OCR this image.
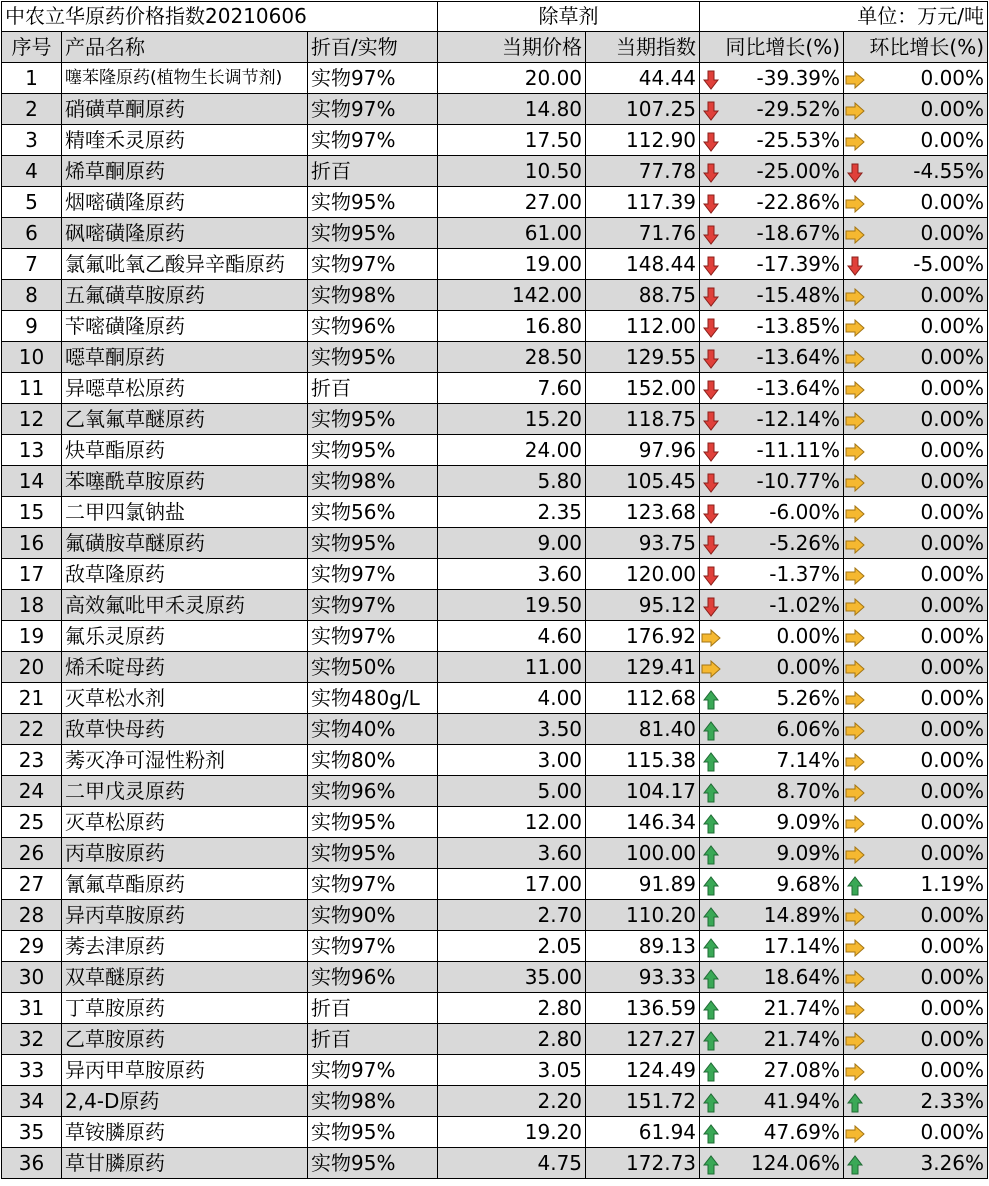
中农立华原药价格指数20210606			除草剂		单位：万元/吨			
序号	产品名称	折百/实物	当期价格	当期指数	同比增长(%)		环比增长(%)	
1	噻苯隆原药(植物生长调节剂)	实物97%	20.00	44.44		-39.39%		0.00%
2	硝磺草酮原药	实物97%	14.80	107.25		-29.52%		0.00%
3	精喹禾灵原药	实物97%	17.50	112.90		-25.53%		0.00%
4	烯草酮原药	折百	10.50	77.78		-25.00%		-4.55%
5	烟嘧磺隆原药	实物95%	27.00	117.39		-22.86%		0.00%
6	砜嘧磺隆原药	实物95%	61.00	71.76		-18.67%		0.00%
7	氯氟吡氧乙酸异辛酯原药	实物97%	19.00	148.44		-17.39%		-5.00%
8	五氟磺草胺原药	实物98%	142.00	88.75		-15.48%		0.00%
9	苄嘧磺隆原药	实物96%	16.80	112.00		-13.85%		0.00%
10	噁草酮原药	实物95%	28.50	129.55		-13.64%		0.00%
11	异噁草松原药	折百	7.60	152.00		-13.64%		0.00%
12	乙氧氟草醚原药	实物95%	15.20	118.75		-12.14%		0.00%
13	炔草酯原药	实物95%	24.00	97.96		-11.11%		0.00%
14	苯噻酰草胺原药	实物98%	5.80	105.45		-10.77%		0.00%
15	二甲四氯钠盐	实物56%	2.35	123.68		-6.00%		0.00%
16	氟磺胺草醚原药	实物95%	9.00	93.75		-5.26%		0.00%
17	敌草隆原药	实物97%	3.60	120.00		-1.37%		0.00%
18	高效氟吡甲禾灵原药	实物97%	19.50	95.12		-1.02%		0.00%
19	氟乐灵原药	实物97%	4.60	176.92		0.00%		0.00%
20	烯禾啶母药	实物50%	11.00	129.41		0.00%		0.00%
21	灭草松水剂	实物480g/L	4.00	112.68		5.26%		0.00%
22	敌草快母药	实物40%	3.50	81.40		6.06%		0.00%
23	莠灭净可湿性粉剂	实物80%	3.00	115.38		7.14%		0.00%
24	二甲戊灵原药	实物96%	5.00	104.17		8.70%		0.00%
25	灭草松原药	实物95%	12.00	146.34		9.09%		0.00%
26	丙草胺原药	实物95%	3.60	100.00		9.09%		0.00%
27	氰氟草酯原药	实物97%	17.00	91.89		9.68%		1.19%
28	异丙草胺原药	实物90%	2.70	110.20		14.89%		0.00%
29	莠去津原药	实物97%	2.05	89.13		17.14%		0.00%
30	双草醚原药	实物96%	35.00	93.33		18.64%		0.00%
31	丁草胺原药	折百	2.80	136.59		21.74%		0.00%
32	乙草胺原药	折百	2.80	127.27		21.74%		0.00%
33	异丙甲草胺原药	实物97%	3.05	124.49		27.08%		0.00%
34	2,4-D原药	实物98%	2.20	151.72		41.94%		2.33%
35	草铵膦原药	实物95%	19.20	61.94		47.69%		0.00%
36	草甘膦原药	实物95%	4.75	172.73		124.06%		3.26%
